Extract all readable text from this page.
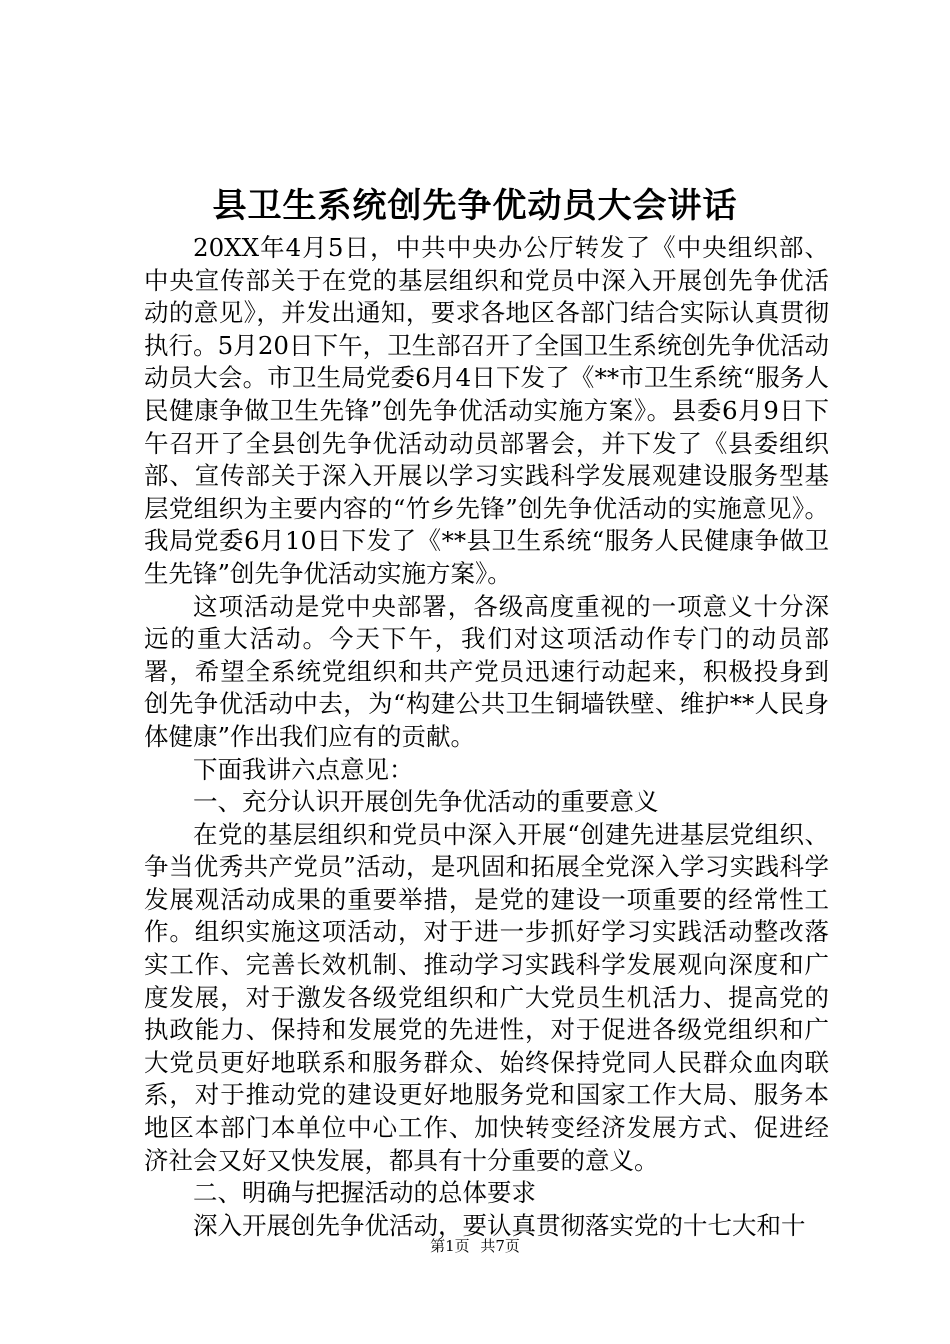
县卫生系统创先争优动员大会讲话

20XX年4月5日，中共中央办公厅转发了《中央组织部、中央宣传部关于在党的基层组织和党员中深入开展创先争优活动的意见》，并发出通知，要求各地区各部门结合实际认真贯彻执行。5月20日下午，卫生部召开了全国卫生系统创先争优活动动员大会。市卫生局党委6月4日下发了《**市卫生系统“服务人民健康争做卫生先锋”创先争优活动实施方案》。县委6月9日下午召开了全县创先争优活动动员部署会，并下发了《县委组织部、宣传部关于深入开展以学习实践科学发展观建设服务型基层党组织为主要内容的“竹乡先锋”创先争优活动的实施意见》。我局党委6月10日下发了《**县卫生系统“服务人民健康争做卫生先锋”创先争优活动实施方案》。

这项活动是党中央部署，各级高度重视的一项意义十分深远的重大活动。今天下午，我们对这项活动作专门的动员部署，希望全系统党组织和共产党员迅速行动起来，积极投身到创先争优活动中去，为“构建公共卫生铜墙铁壁、维护**人民身体健康”作出我们应有的贡献。

下面我讲六点意见：

一、充分认识开展创先争优活动的重要意义

在党的基层组织和党员中深入开展“创建先进基层党组织、争当优秀共产党员”活动，是巩固和拓展全党深入学习实践科学发展观活动成果的重要举措，是党的建设一项重要的经常性工作。组织实施这项活动，对于进一步抓好学习实践活动整改落实工作、完善长效机制、推动学习实践科学发展观向深度和广度发展，对于激发各级党组织和广大党员生机活力、提高党的执政能力、保持和发展党的先进性，对于促进各级党组织和广大党员更好地联系和服务群众、始终保持党同人民群众血肉联系，对于推动党的建设更好地服务党和国家工作大局、服务本地区本部门本单位中心工作、加快转变经济发展方式、促进经济社会又好又快发展，都具有十分重要的意义。

二、明确与把握活动的总体要求

深入开展创先争优活动，要认真贯彻落实党的十七大和十

第1页 共7页
